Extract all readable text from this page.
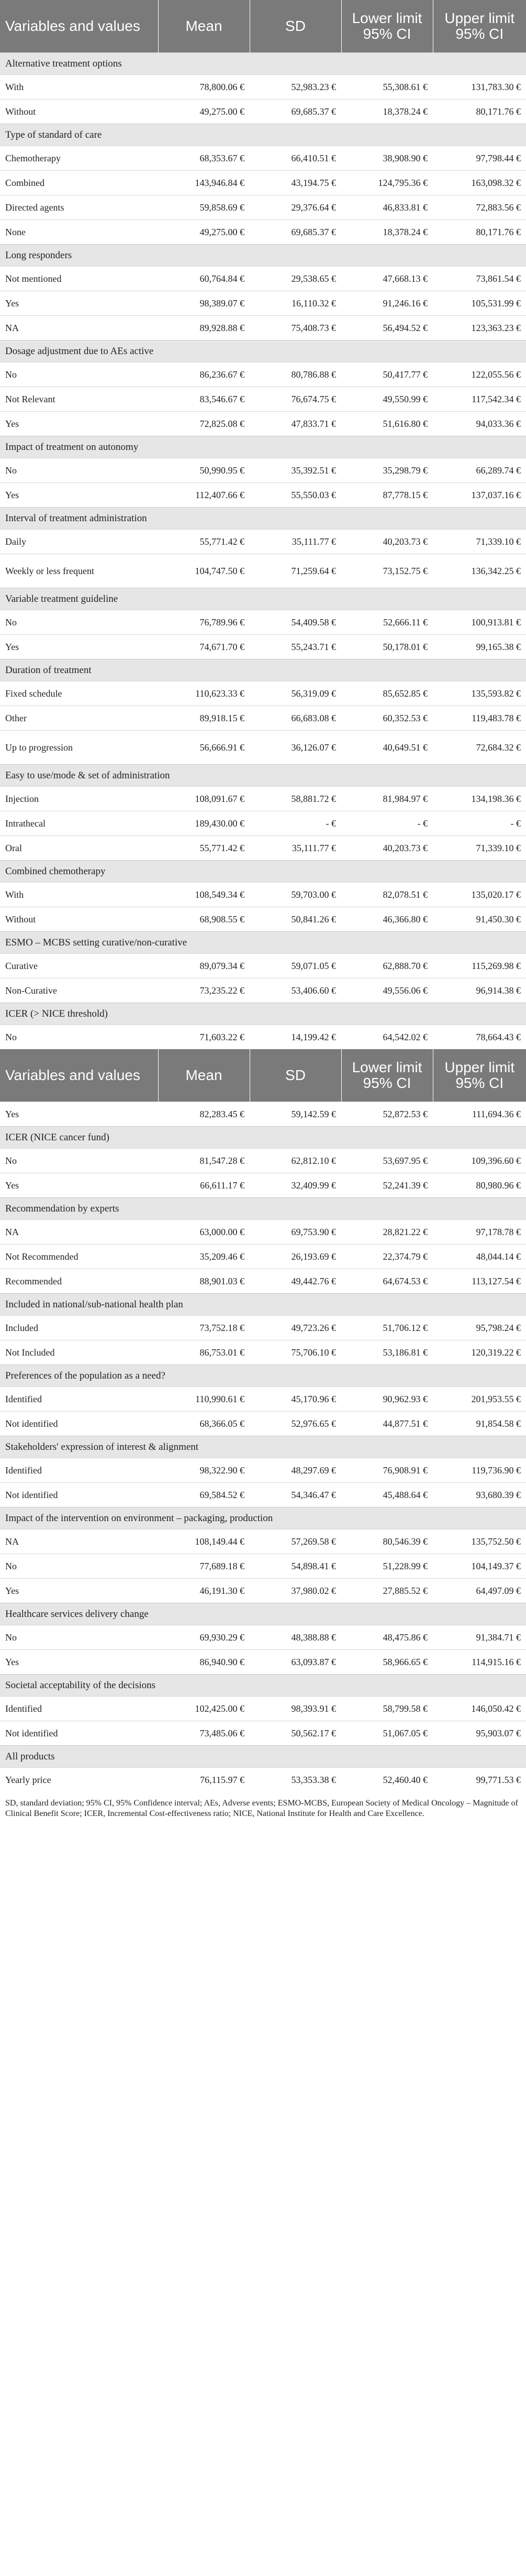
Variables and values	Mean	SD	Lower limit 95% CI	Upper limit 95% CI
Alternative treatment options				
With	78,800.06 €	52,983.23 €	55,308.61 €	131,783.30 €
Without	49,275.00 €	69,685.37 €	18,378.24 €	80,171.76 €
Type of standard of care				
Chemotherapy	68,353.67 €	66,410.51 €	38,908.90 €	97,798.44 €
Combined	143,946.84 €	43,194.75 €	124,795.36 €	163,098.32 €
Directed agents	59,858.69 €	29,376.64 €	46,833.81 €	72,883.56 €
None	49,275.00 €	69,685.37 €	18,378.24 €	80,171.76 €
Long responders				
Not mentioned	60,764.84 €	29,538.65 €	47,668.13 €	73,861.54 €
Yes	98,389.07 €	16,110.32 €	91,246.16 €	105,531.99 €
NA	89,928.88 €	75,408.73 €	56,494.52 €	123,363.23 €
Dosage adjustment due to AEs active				
No	86,236.67 €	80,786.88 €	50,417.77 €	122,055.56 €
Not Relevant	83,546.67 €	76,674.75 €	49,550.99 €	117,542.34 €
Yes	72,825.08 €	47,833.71 €	51,616.80 €	94,033.36 €
Impact of treatment on autonomy				
No	50,990.95 €	35,392.51 €	35,298.79 €	66,289.74 €
Yes	112,407.66 €	55,550.03 €	87,778.15 €	137,037.16 €
Interval of treatment administration				
Daily	55,771.42 €	35,111.77 €	40,203.73 €	71,339.10 €
Weekly or less frequent	104,747.50 €	71,259.64 €	73,152.75 €	136,342.25 €
Variable treatment guideline				
No	76,789.96 €	54,409.58 €	52,666.11 €	100,913.81 €
Yes	74,671.70 €	55,243.71 €	50,178.01 €	99,165.38 €
Duration of treatment				
Fixed schedule	110,623.33 €	56,319.09 €	85,652.85 €	135,593.82 €
Other	89,918.15 €	66,683.08 €	60,352.53 €	119,483.78 €
Up to progression	56,666.91 €	36,126.07 €	40,649.51 €	72,684.32 €
Easy to use/mode & set of administration				
Injection	108,091.67 €	58,881.72 €	81,984.97 €	134,198.36 €
Intrathecal	189,430.00 €	- €	- €	- €
Oral	55,771.42 €	35,111.77 €	40,203.73 €	71,339.10 €
Combined chemotherapy				
With	108,549.34 €	59,703.00 €	82,078.51 €	135,020.17 €
Without	68,908.55 €	50,841.26 €	46,366.80 €	91,450.30 €
ESMO – MCBS setting curative/non-curative				
Curative	89,079.34 €	59,071.05 €	62,888.70 €	115,269.98 €
Non-Curative	73,235.22 €	53,406.60 €	49,556.06 €	96,914.38 €
ICER (> NICE threshold)				
No	71,603.22 €	14,199.42 €	64,542.02 €	78,664.43 €
Variables and values	Mean	SD	Lower limit 95% CI	Upper limit 95% CI
Yes	82,283.45 €	59,142.59 €	52,872.53 €	111,694.36 €
ICER (NICE cancer fund)				
No	81,547.28 €	62,812.10 €	53,697.95 €	109,396.60 €
Yes	66,611.17 €	32,409.99 €	52,241.39 €	80,980.96 €
Recommendation by experts				
NA	63,000.00 €	69,753.90 €	28,821.22 €	97,178.78 €
Not Recommended	35,209.46 €	26,193.69 €	22,374.79 €	48,044.14 €
Recommended	88,901.03 €	49,442.76 €	64,674.53 €	113,127.54 €
Included in national/sub-national health plan				
Included	73,752.18 €	49,723.26 €	51,706.12 €	95,798.24 €
Not Included	86,753.01 €	75,706.10 €	53,186.81 €	120,319.22 €
Preferences of the population as a need?				
Identified	110,990.61 €	45,170.96 €	90,962.93 €	201,953.55 €
Not identified	68,366.05 €	52,976.65 €	44,877.51 €	91,854.58 €
Stakeholders' expression of interest & alignment				
Identified	98,322.90 €	48,297.69 €	76,908.91 €	119,736.90 €
Not identified	69,584.52 €	54,346.47 €	45,488.64 €	93,680.39 €
Impact of the intervention on environment – packaging, production				
NA	108,149.44 €	57,269.58 €	80,546.39 €	135,752.50 €
No	77,689.18 €	54,898.41 €	51,228.99 €	104,149.37 €
Yes	46,191.30 €	37,980.02 €	27,885.52 €	64,497.09 €
Healthcare services delivery change				
No	69,930.29 €	48,388.88 €	48,475.86 €	91,384.71 €
Yes	86,940.90 €	63,093.87 €	58,966.65 €	114,915.16 €
Societal acceptability of the decisions				
Identified	102,425.00 €	98,393.91 €	58,799.58 €	146,050.42 €
Not identified	73,485.06 €	50,562.17 €	51,067.05 €	95,903.07 €
All products				
Yearly price	76,115.97 €	53,353.38 €	52,460.40 €	99,771.53 €
SD, standard deviation; 95% CI, 95% Confidence interval; AEs, Adverse events; ESMO-MCBS, European Society of Medical Oncology – Magnitude of Clinical Benefit Score; ICER, Incremental Cost-effectiveness ratio; NICE, National Institute for Health and Care Excellence.
